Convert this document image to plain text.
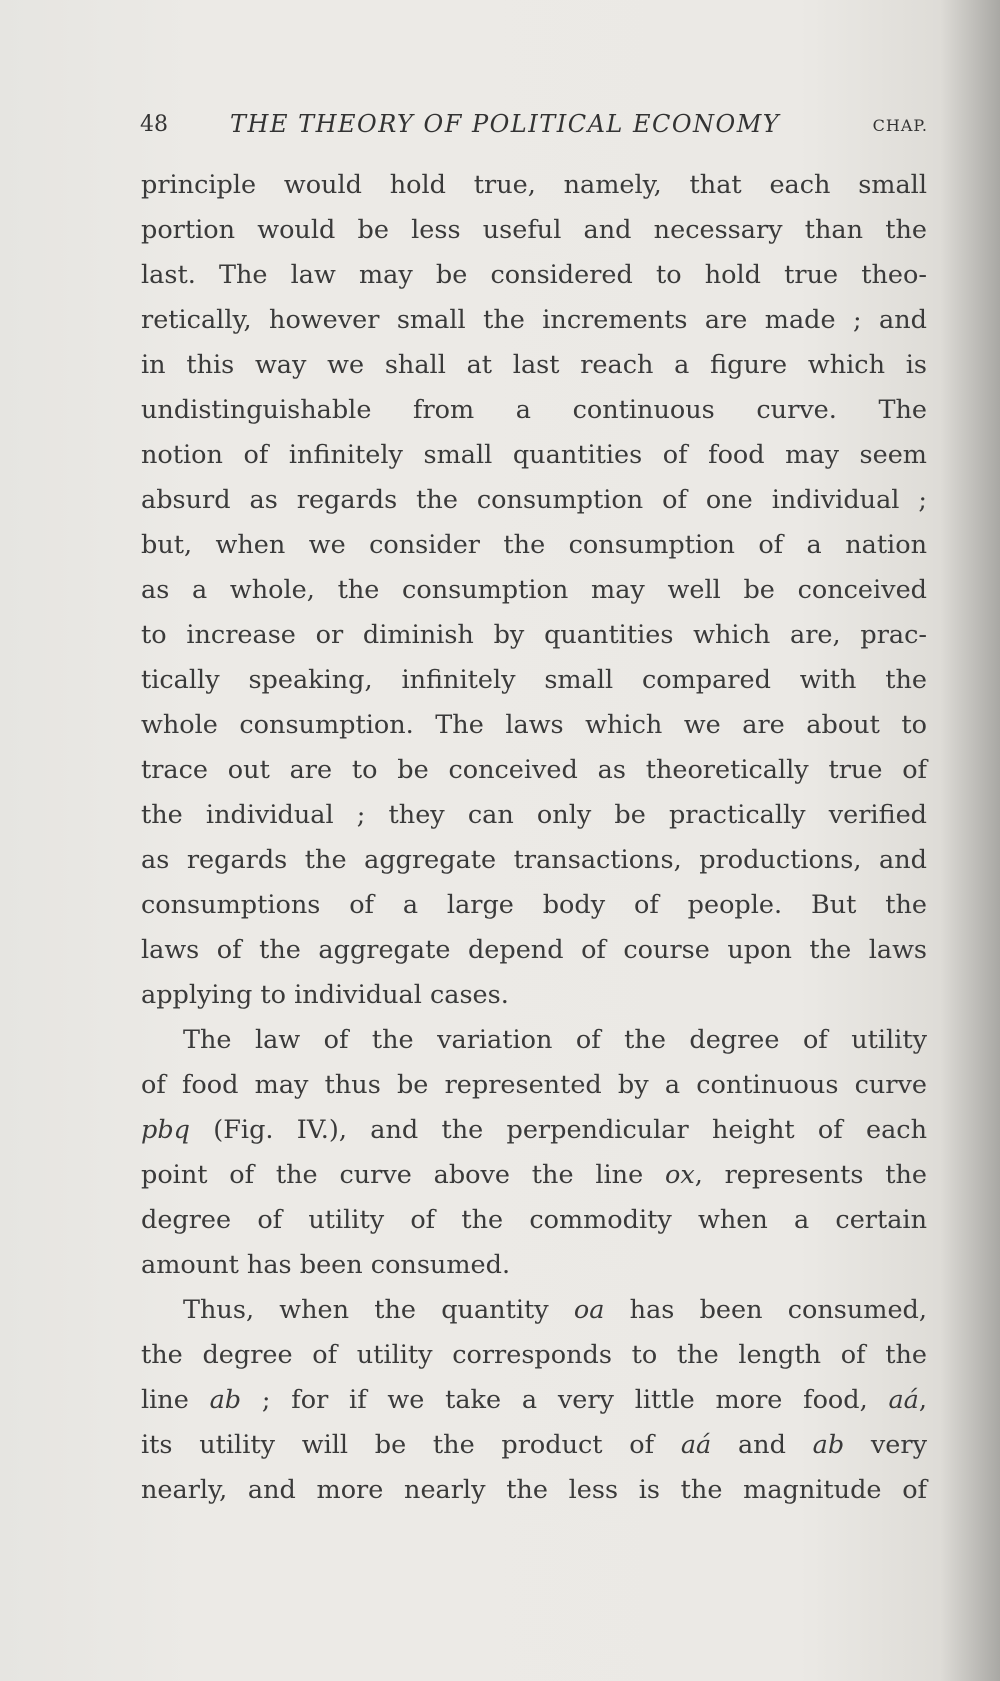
48	THE THEORY OF POLITICAL ECONOMY	CHAP.
principle would hold true, namely, that each small
portion would be less useful and necessary than the
last. The law may be considered to hold true theo-
retically, however small the increments are made ; and
in this way we shall at last reach a figure which is
undistinguishable from a continuous curve. The
notion of infinitely small quantities of food may seem
absurd as regards the consumption of one individual ;
but, when we consider the consumption of a nation
as a whole, the consumption may well be conceived
to increase or diminish by quantities which are, prac-
tically speaking, infinitely small compared with the
whole consumption. The laws which we are about to
trace out are to be conceived as theoretically true of
the individual ; they can only be practically verified
as regards the aggregate transactions, productions, and
consumptions of a large body of people. But the
laws of the aggregate depend of course upon the laws
applying to individual cases.
The law of the variation of the degree of utility
of food may thus be represented by a continuous curve
pbq (Fig. IV.), and the perpendicular height of each
point of the curve above the line ox, represents the
degree of utility of the commodity when a certain
amount has been consumed.
Thus, when the quantity oa has been consumed,
the degree of utility corresponds to the length of the
line ab ; for if we take a very little more food, aá,
its utility will be the product of aá and ab very
nearly, and more nearly the less is the magnitude of
